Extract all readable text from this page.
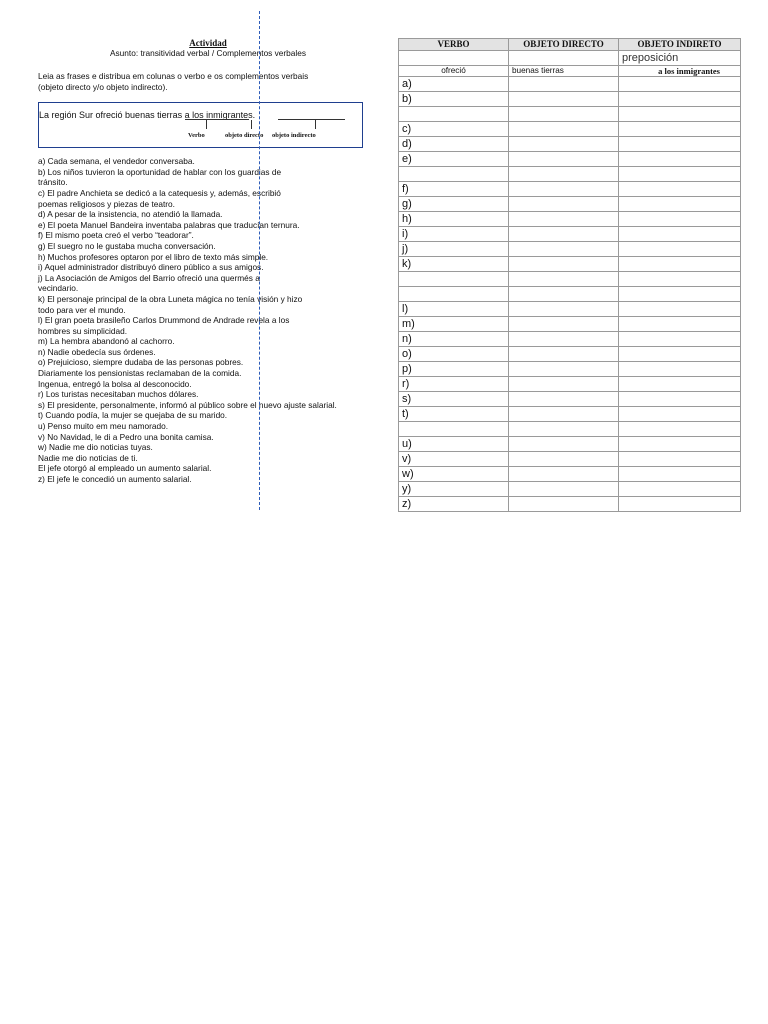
Actividad
Asunto: transitividad verbal / Complementos verbales
Leia as frases e distribua em colunas o verbo e os complementos verbais
(objeto directo y/o objeto indirecto).
La región Sur ofreció buenas tierras a los inmigrantes.
Verbo	objeto directo objeto indirecto
a) Cada semana, el vendedor conversaba.
b) Los niños tuvieron la oportunidad de hablar con los guardias de
tránsito.
c) El padre Anchieta se dedicó a la catequesis y, además, escribió
poemas religiosos y piezas de teatro.
d) A pesar de la insistencia, no atendió la llamada.
e) El poeta Manuel Bandeira inventaba palabras que traducían ternura.
f) El mismo poeta creó el verbo “teadorar”.
g) El suegro no le gustaba mucha conversación.
h) Muchos profesores optaron por el libro de texto más simple.
i) Aquel administrador distribuyó dinero público a sus amigos.
j) La Asociación de Amigos del Barrio ofreció una quermés a
vecindario.
k) El personaje principal de la obra Luneta mágica no tenía visión y hizo
todo para ver el mundo.
l) El gran poeta brasileño Carlos Drummond de Andrade revela a los
hombres su simplicidad.
m) La hembra abandonó al cachorro.
n) Nadie obedecía sus órdenes.
o) Prejuicioso, siempre dudaba de las personas pobres.
Diariamente los pensionistas reclamaban de la comida.
Ingenua, entregó la bolsa al desconocido.
r) Los turistas necesitaban muchos dólares.
s) El presidente, personalmente, informó al público sobre el nuevo ajuste salarial.
t) Cuando podía, la mujer se quejaba de su marido.
u) Penso muito em meu namorado.
v) No Navidad, le di a Pedro una bonita camisa.
w) Nadie me dio noticias tuyas.
Nadie me dio noticias de ti.
El jefe otorgó al empleado un aumento salarial.
z) El jefe le concedió un aumento salarial.
VERBO	OBJETO DIRECTO	OBJETO INDIRETO
		preposición
ofreció	buenas tierras	a los inmigrantes
a)		
b)		

c)		
d)		
e)		

f)		
g)		
h)		
i)		
j)		
k)		

l)		
m)		
n)		
o)		
p)		
r)		
s)		
t)		

u)		
v)		
w)		
y)		
z)		
